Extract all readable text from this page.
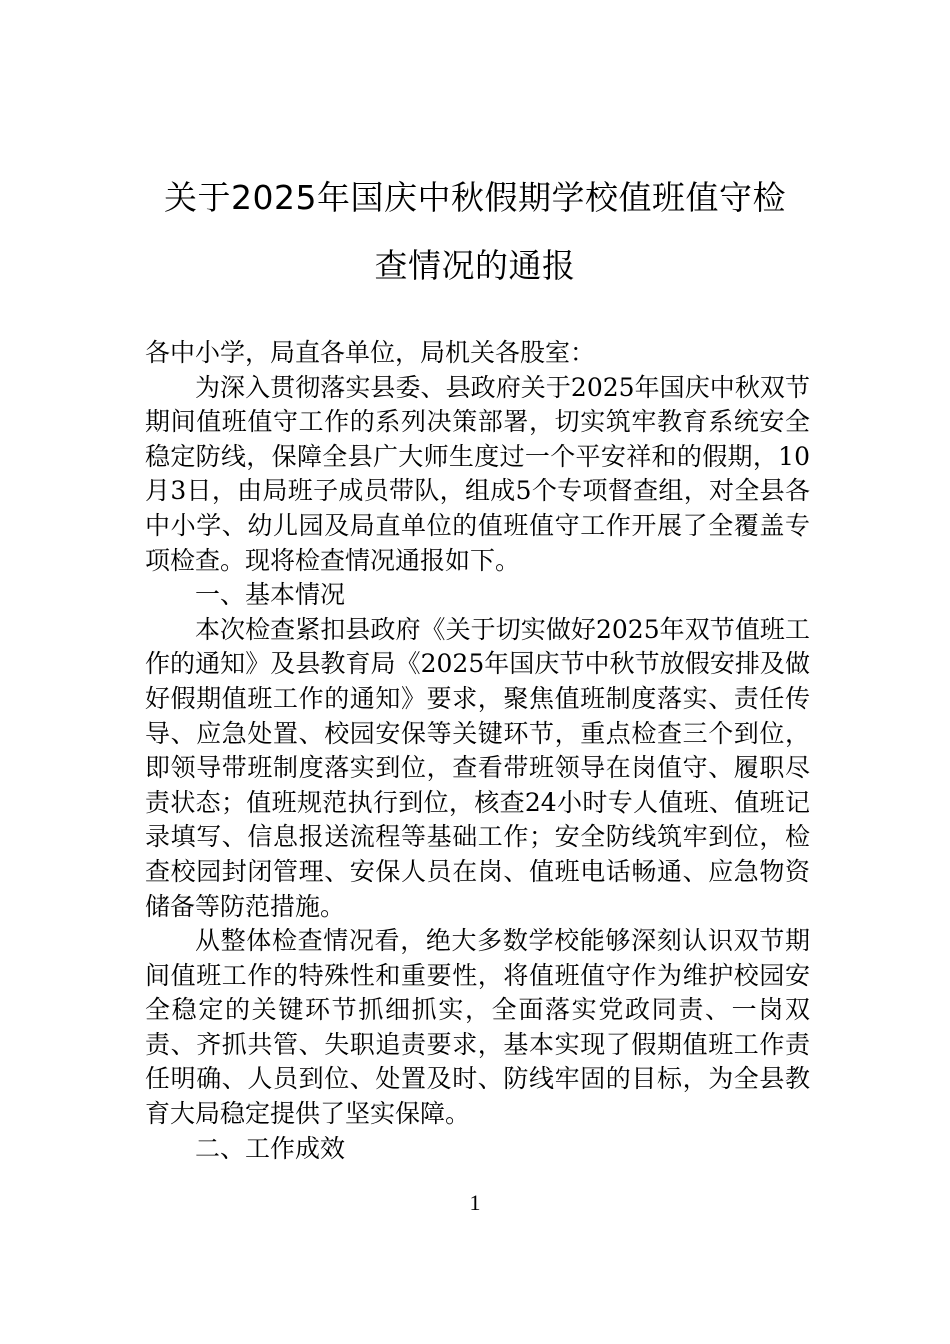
关于2025年国庆中秋假期学校值班值守检
查情况的通报

各中小学，局直各单位，局机关各股室：

为深入贯彻落实县委、县政府关于2025年国庆中秋双节期间值班值守工作的系列决策部署，切实筑牢教育系统安全稳定防线，保障全县广大师生度过一个平安祥和的假期，10月3日，由局班子成员带队，组成5个专项督查组，对全县各中小学、幼儿园及局直单位的值班值守工作开展了全覆盖专项检查。现将检查情况通报如下。

一、基本情况

本次检查紧扣县政府《关于切实做好2025年双节值班工作的通知》及县教育局《2025年国庆节中秋节放假安排及做好假期值班工作的通知》要求，聚焦值班制度落实、责任传导、应急处置、校园安保等关键环节，重点检查三个到位，即领导带班制度落实到位，查看带班领导在岗值守、履职尽责状态；值班规范执行到位，核查24小时专人值班、值班记录填写、信息报送流程等基础工作；安全防线筑牢到位，检查校园封闭管理、安保人员在岗、值班电话畅通、应急物资储备等防范措施。

从整体检查情况看，绝大多数学校能够深刻认识双节期间值班工作的特殊性和重要性，将值班值守作为维护校园安全稳定的关键环节抓细抓实，全面落实党政同责、一岗双责、齐抓共管、失职追责要求，基本实现了假期值班工作责任明确、人员到位、处置及时、防线牢固的目标，为全县教育大局稳定提供了坚实保障。

二、工作成效

1
